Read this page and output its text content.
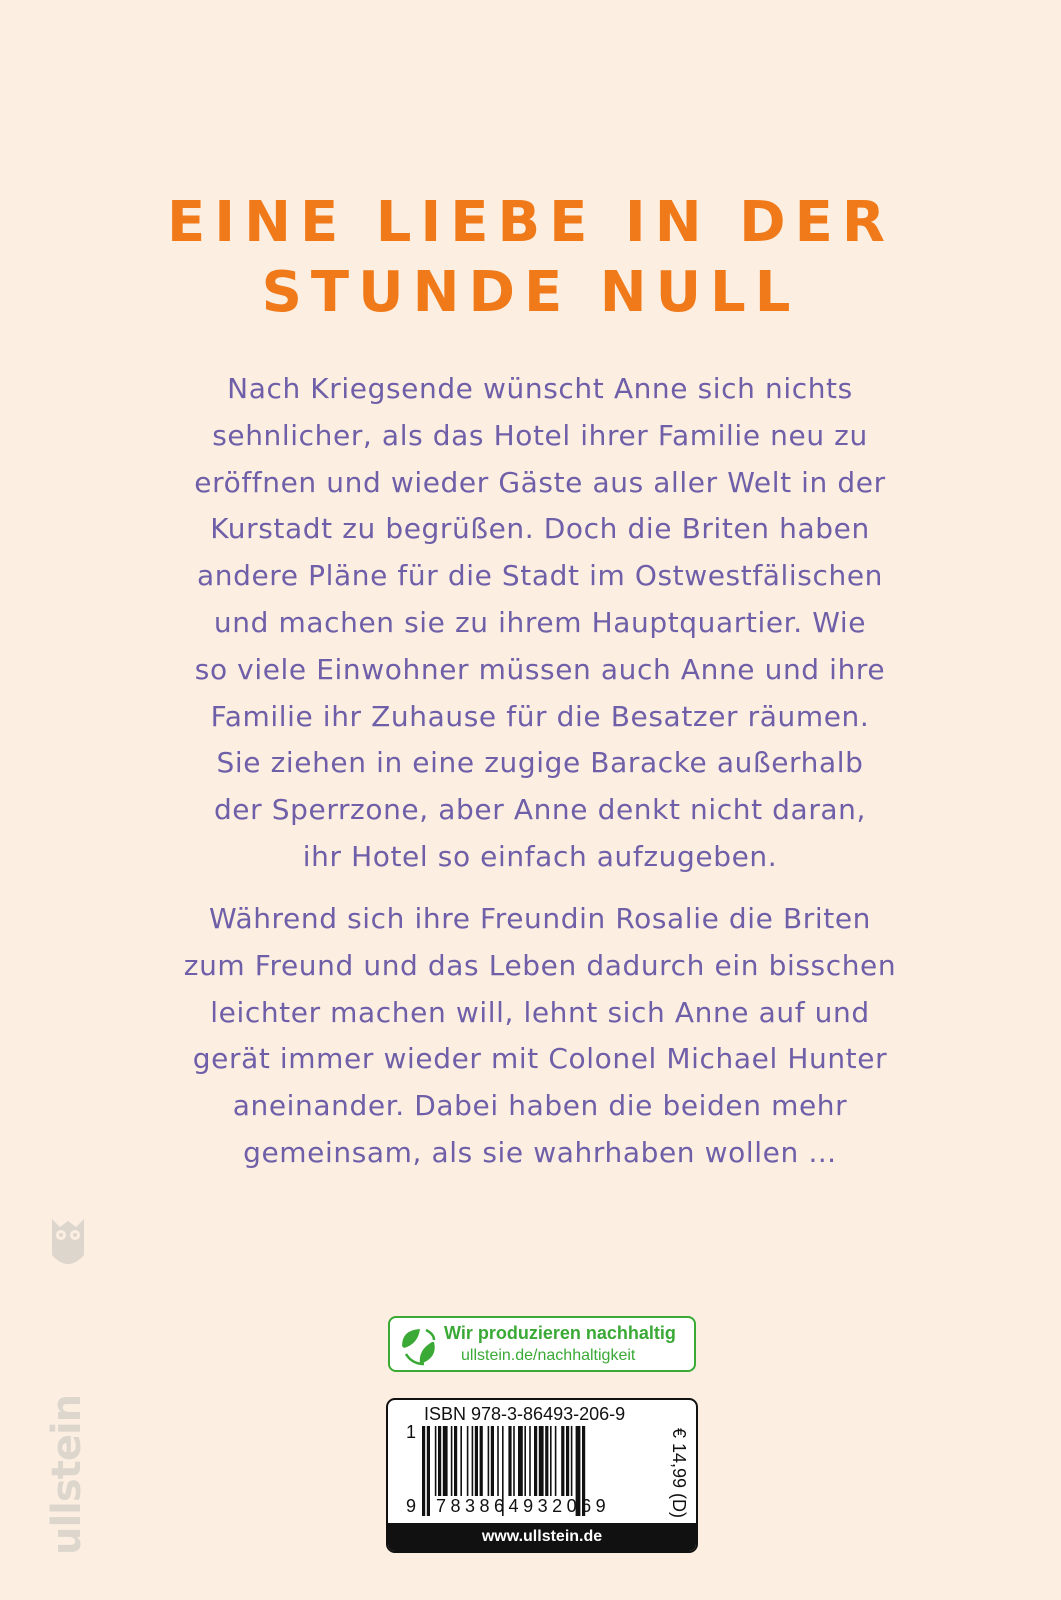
EINE LIEBE IN DER
STUNDE NULL
Nach Kriegsende wünscht Anne sich nichts
sehnlicher, als das Hotel ihrer Familie neu zu
eröffnen und wieder Gäste aus aller Welt in der
Kurstadt zu begrüßen. Doch die Briten haben
andere Pläne für die Stadt im Ostwestfälischen
und machen sie zu ihrem Hauptquartier. Wie
so viele Einwohner müssen auch Anne und ihre
Familie ihr Zuhause für die Besatzer räumen.
Sie ziehen in eine zugige Baracke außerhalb
der Sperrzone, aber Anne denkt nicht daran,
ihr Hotel so einfach aufzugeben.
Während sich ihre Freundin Rosalie die Briten
zum Freund und das Leben dadurch ein bisschen
leichter machen will, lehnt sich Anne auf und
gerät immer wieder mit Colonel Michael Hunter
aneinander. Dabei haben die beiden mehr
gemeinsam, als sie wahrhaben wollen …
ullstein
Wir produzieren nachhaltig
ullstein.de/nachhaltigkeit
ISBN 978-3-86493-206-9
1
9 783864932069	€ 14,99 (D)
www.ullstein.de
